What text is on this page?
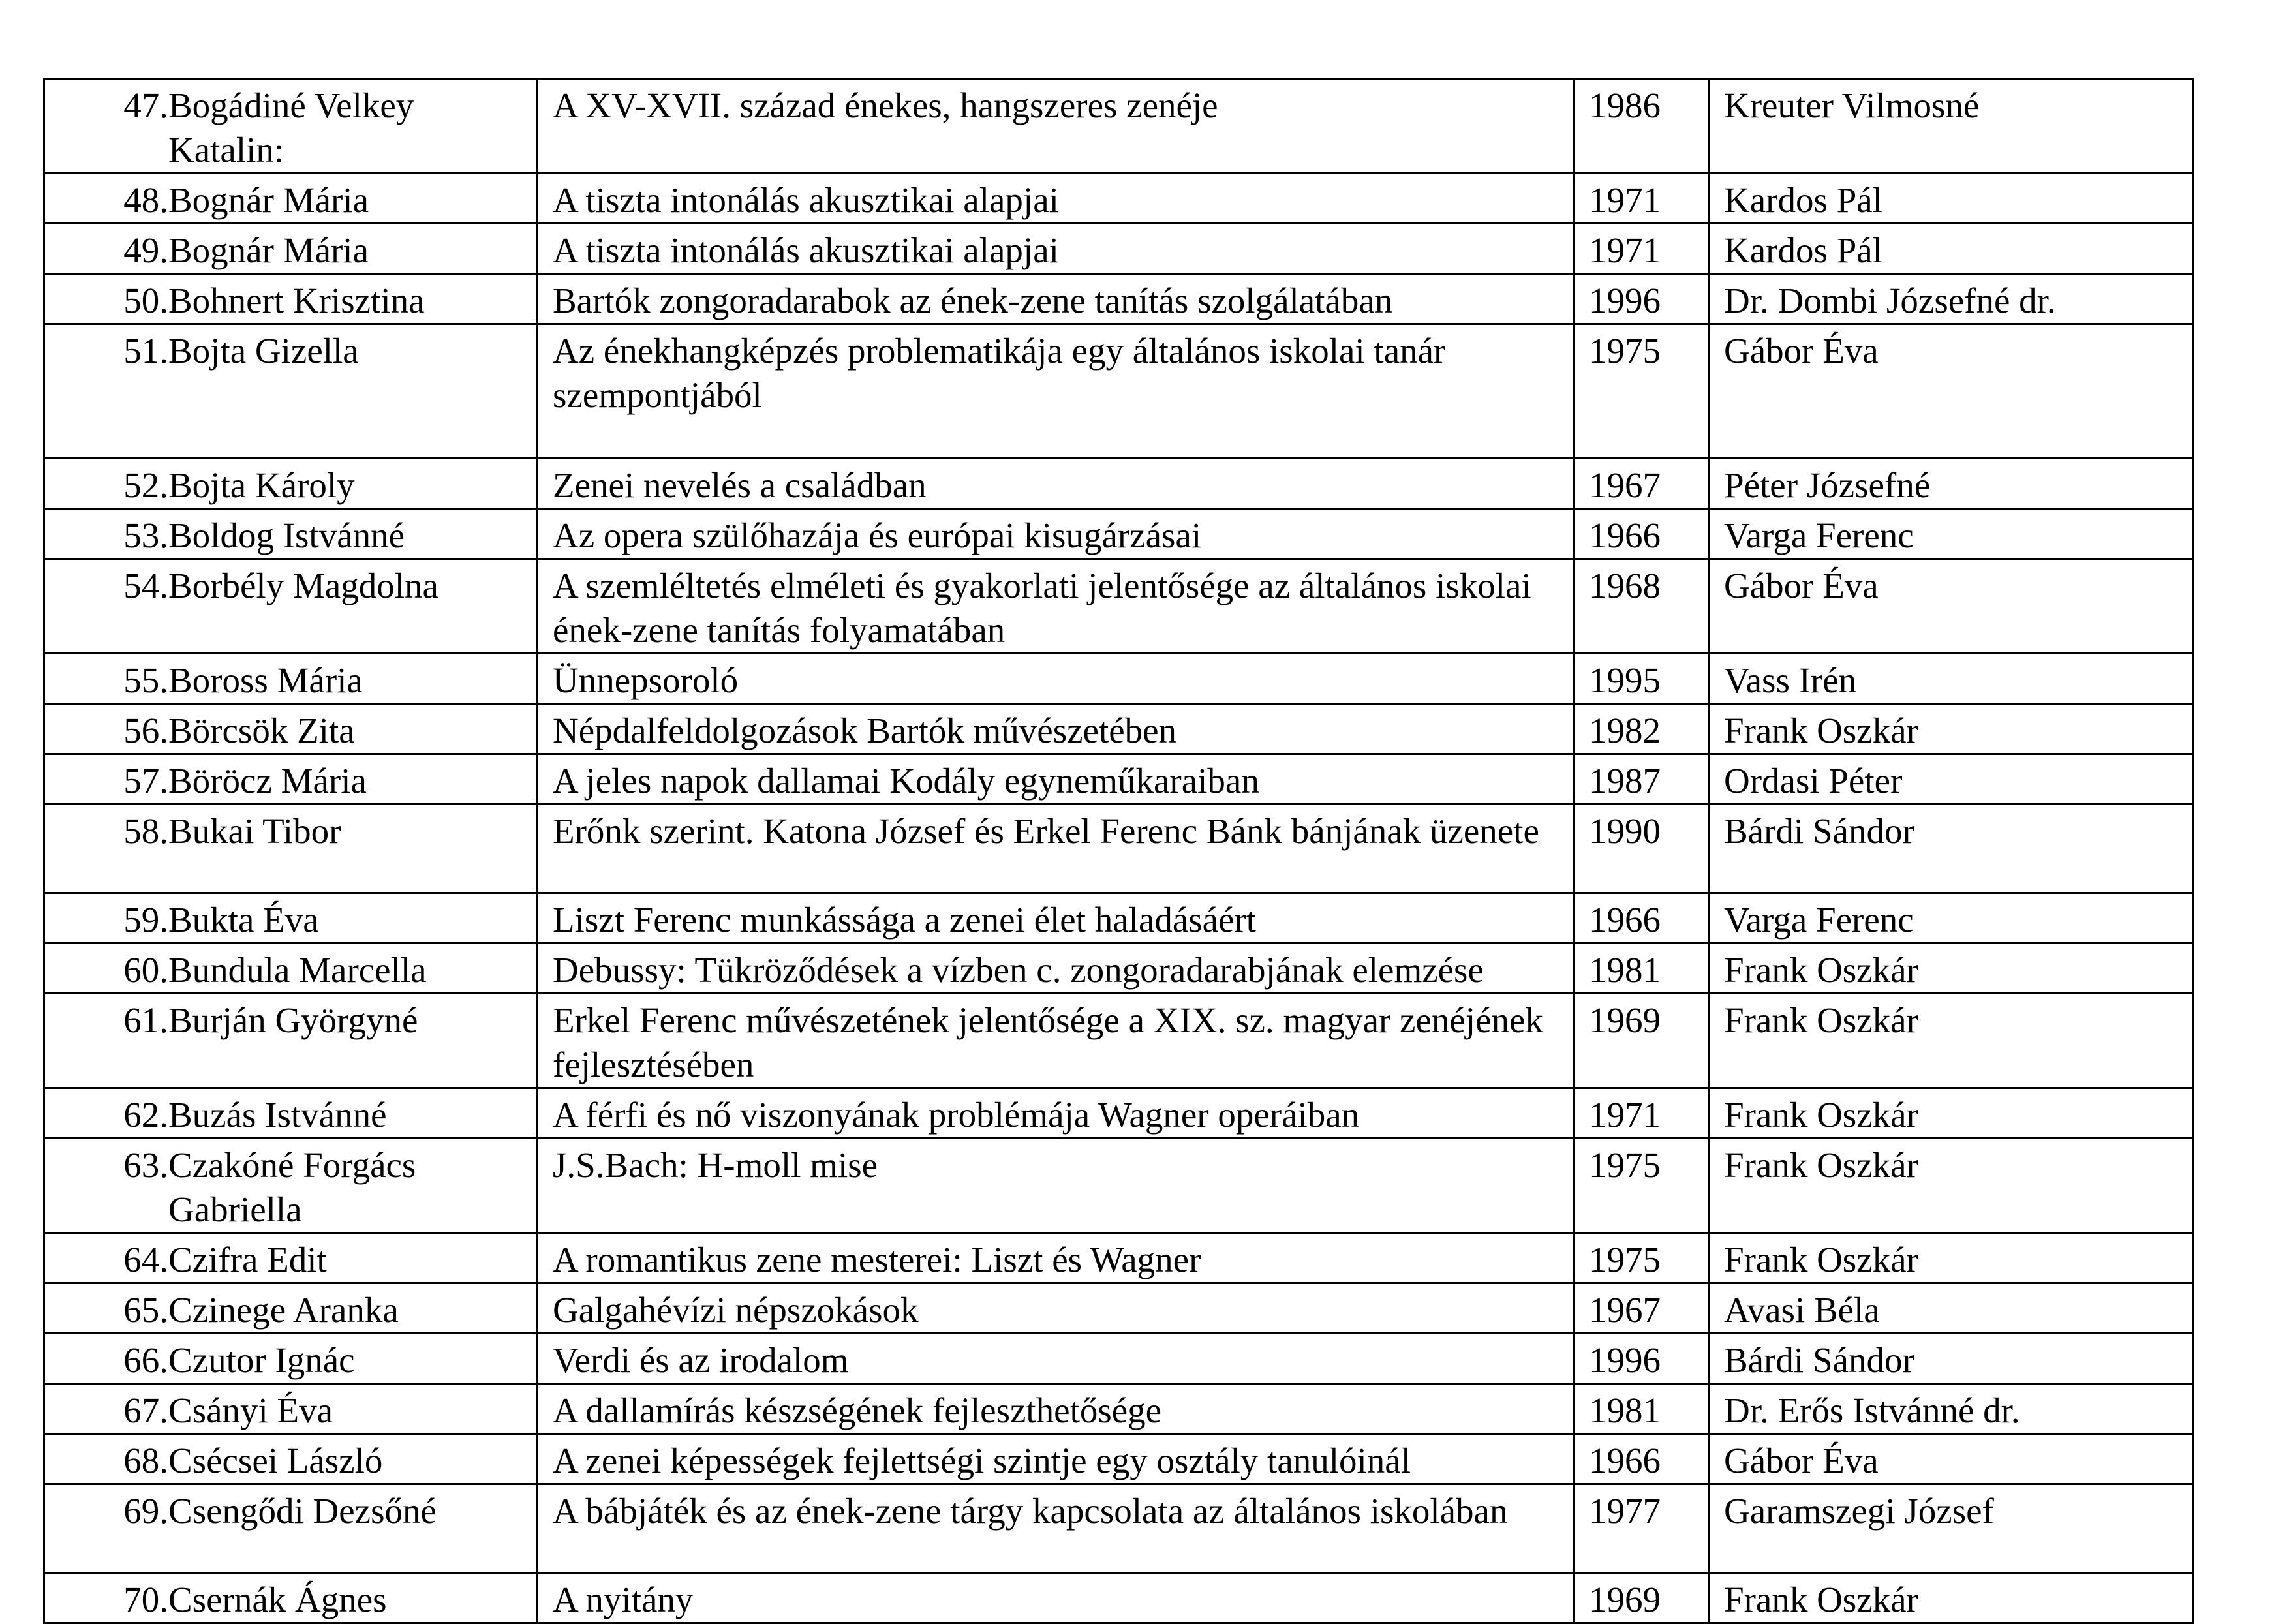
47. Bogádiné Velkey Katalin:	A XV-XVII. század énekes, hangszeres zenéje	1986	Kreuter Vilmosné

48. Bognár Mária	A tiszta intonálás akusztikai alapjai	1971	Kardos Pál

49. Bognár Mária	A tiszta intonálás akusztikai alapjai	1971	Kardos Pál

50. Bohnert Krisztina	Bartók zongoradarabok az ének-zene tanítás szolgálatában	1996	Dr. Dombi Józsefné dr.

51. Bojta Gizella	Az énekhangképzés problematikája egy általános iskolai tanár szempontjából	1975	Gábor Éva

52. Bojta Károly	Zenei nevelés a családban	1967	Péter Józsefné

53. Boldog Istvánné	Az opera szülőhazája és európai kisugárzásai	1966	Varga Ferenc

54. Borbély Magdolna	A szemléltetés elméleti és gyakorlati jelentősége az általános iskolai ének-zene tanítás folyamatában	1968	Gábor Éva

55. Boross Mária	Ünnepsoroló	1995	Vass Irén

56. Börcsök Zita	Népdalfeldolgozások Bartók művészetében	1982	Frank Oszkár

57. Böröcz Mária	A jeles napok dallamai Kodály egyneműkaraiban	1987	Ordasi Péter

58. Bukai Tibor	Erőnk szerint. Katona József és Erkel Ferenc Bánk bánjának üzenete	1990	Bárdi Sándor

59. Bukta Éva	Liszt Ferenc munkássága a zenei élet haladásáért	1966	Varga Ferenc

60. Bundula Marcella	Debussy: Tükröződések a vízben c. zongoradarabjának elemzése	1981	Frank Oszkár

61. Burján Györgyné	Erkel Ferenc művészetének jelentősége a XIX. sz. magyar zenéjének fejlesztésében	1969	Frank Oszkár

62. Buzás Istvánné	A férfi és nő viszonyának problémája Wagner operáiban	1971	Frank Oszkár

63. Czakóné Forgács Gabriella	J.S.Bach: H-moll mise	1975	Frank Oszkár

64. Czifra Edit	A romantikus zene mesterei: Liszt és Wagner	1975	Frank Oszkár

65. Czinege Aranka	Galgahévízi népszokások	1967	Avasi Béla

66. Czutor Ignác	Verdi és az irodalom	1996	Bárdi Sándor

67. Csányi Éva	A dallamírás készségének fejleszthetősége	1981	Dr. Erős Istvánné dr.

68. Csécsei László	A zenei képességek fejlettségi szintje egy osztály tanulóinál	1966	Gábor Éva

69. Csengődi Dezsőné	A bábjáték és az ének-zene tárgy kapcsolata az általános iskolában	1977	Garamszegi József

70. Csernák Ágnes	A nyitány	1969	Frank Oszkár
